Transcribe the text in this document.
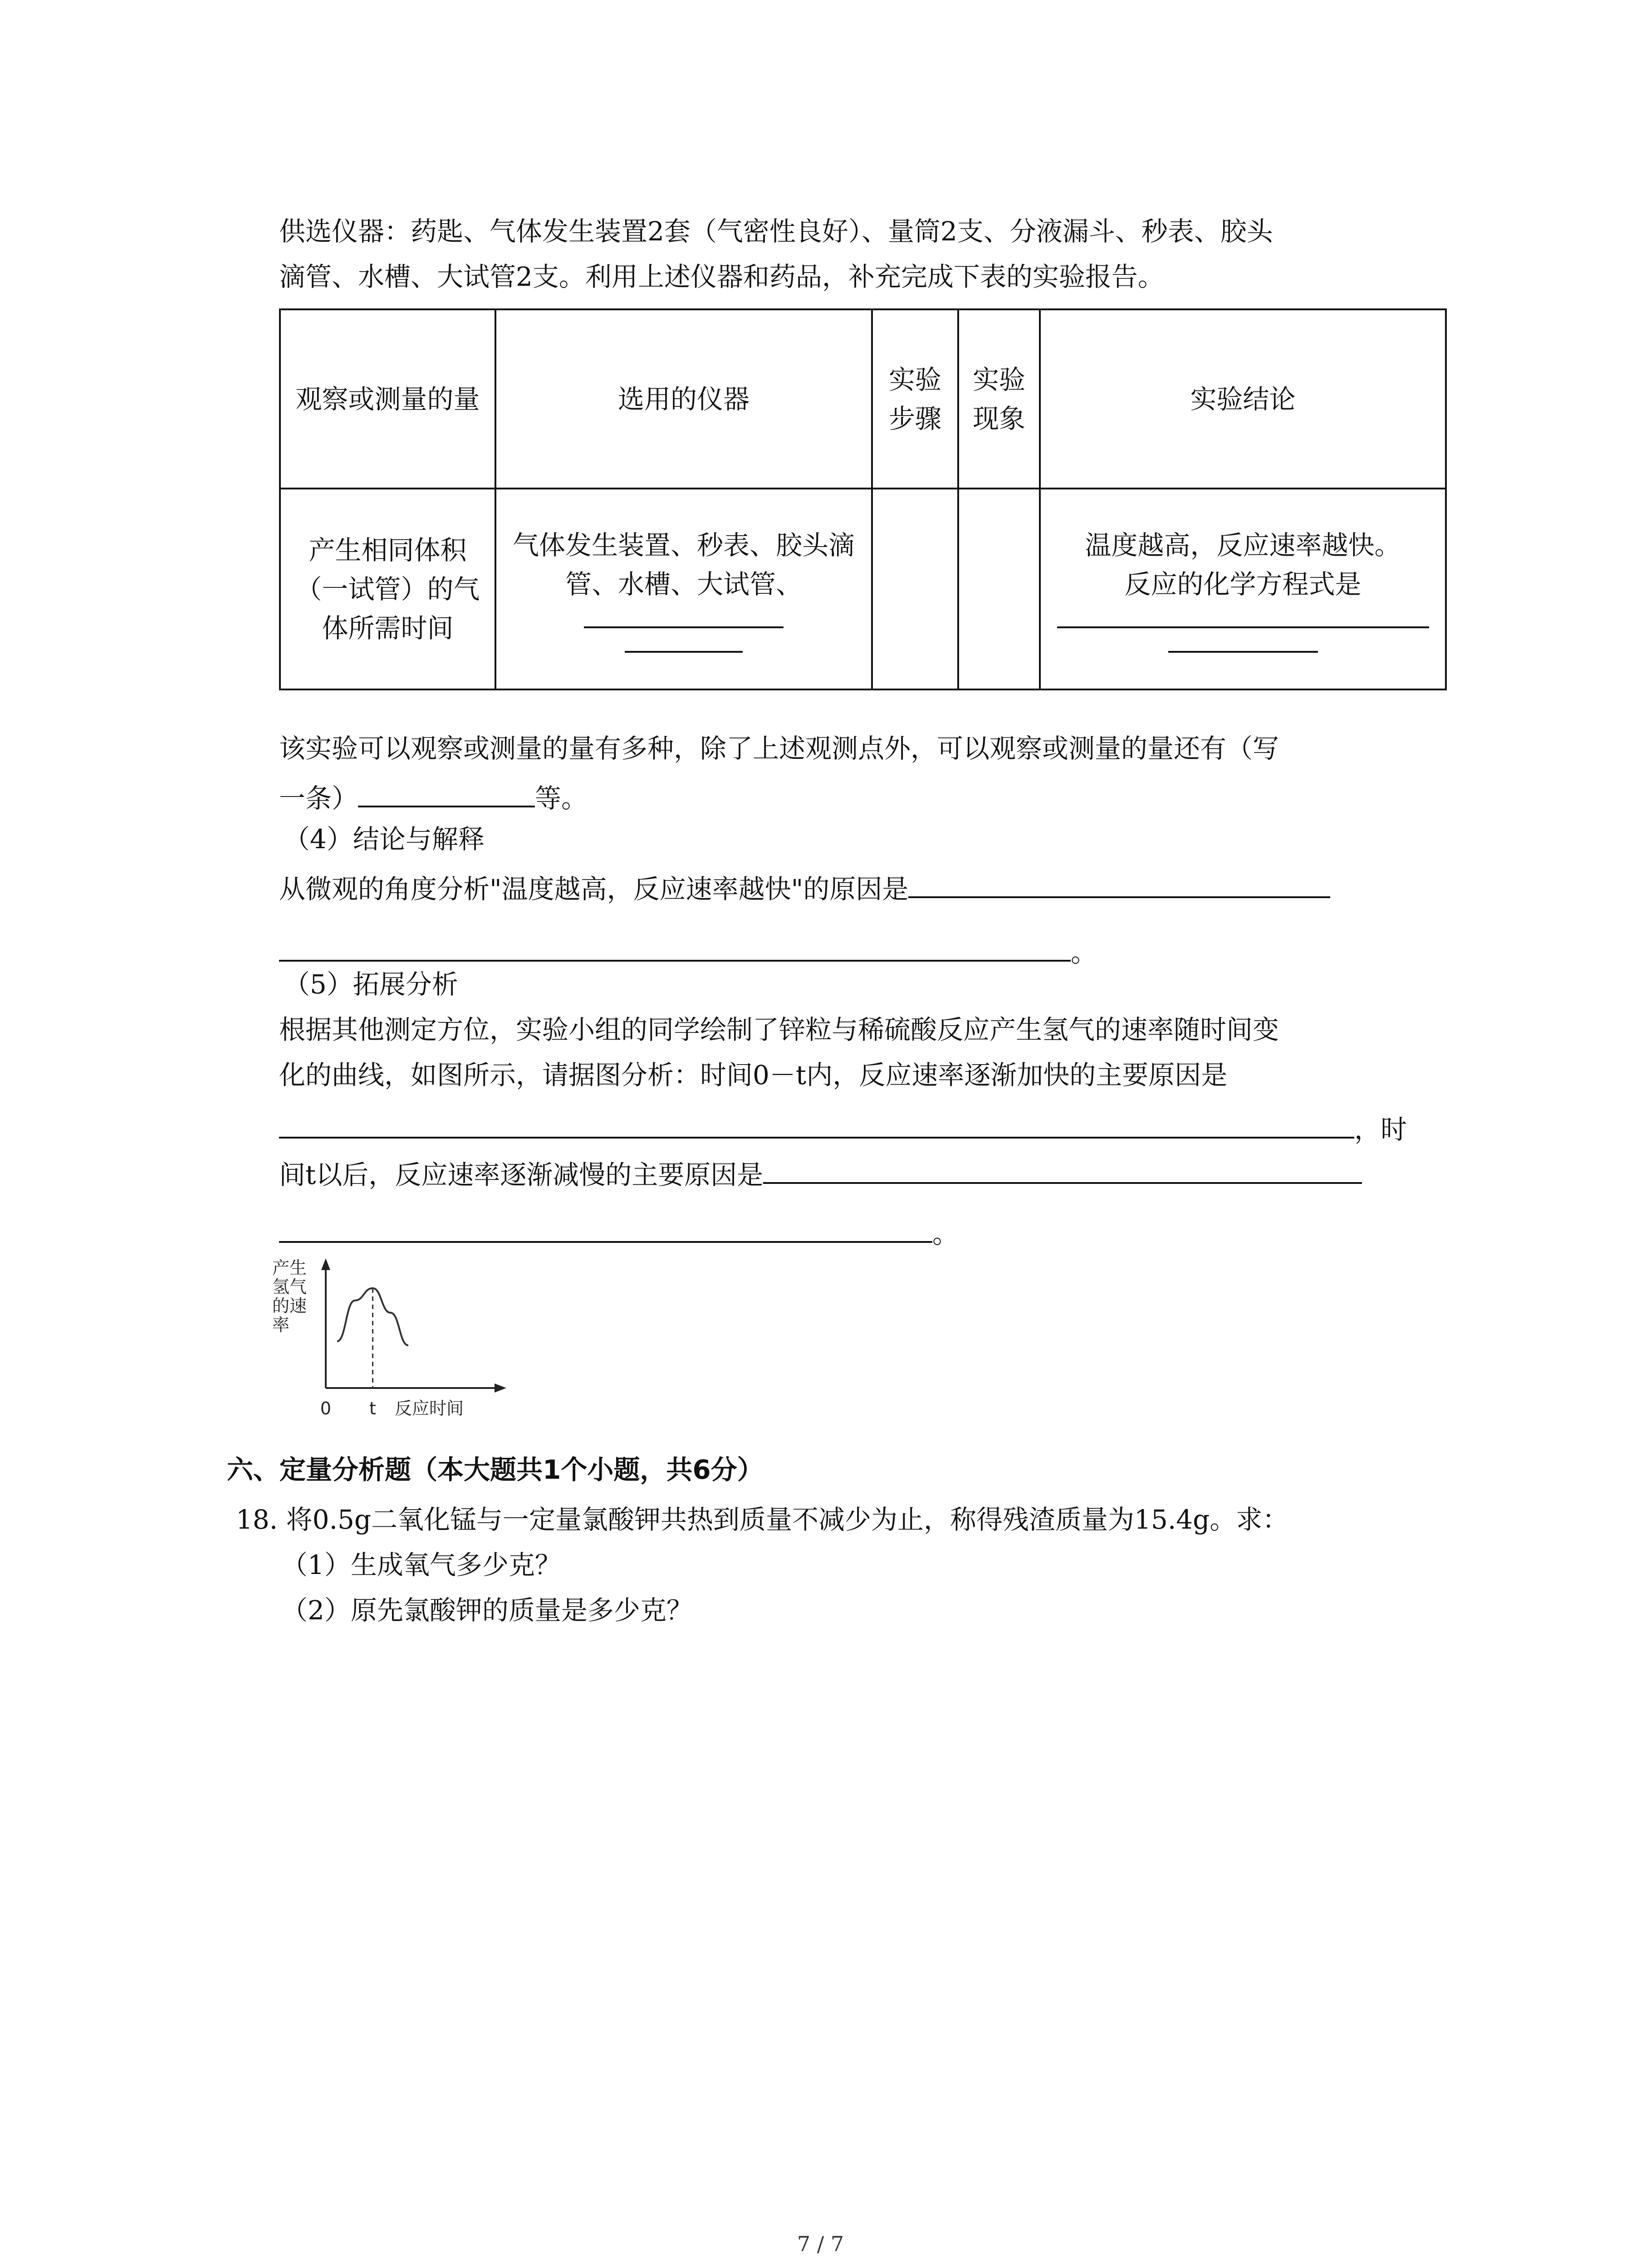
供选仪器：药匙、气体发生装置2套（气密性良好）、量筒2支、分液漏斗、秒表、胶头
滴管、水槽、大试管2支。利用上述仪器和药品，补充完成下表的实验报告。
观察或测量的量	选用的仪器	实验步骤	实验现象	实验结论
产生相同体积（一试管）的气体所需时间	气体发生装置、秒表、胶头滴管、水槽、大试管、			温度越高，反应速率越快。
反应的化学方程式是
该实验可以观察或测量的量有多种，除了上述观测点外，可以观察或测量的量还有（写
一条）	等。
（4）结论与解释
从微观的角度分析"温度越高，反应速率越快"的原因是
。
（5）拓展分析
根据其他测定方位，实验小组的同学绘制了锌粒与稀硫酸反应产生氢气的速率随时间变
化的曲线，如图所示，请据图分析：时间0－t内，反应速率逐渐加快的主要原因是
，时
间t以后，反应速率逐渐减慢的主要原因是
。
产生
氢气
的速
率
0 t 反应时间
六、定量分析题（本大题共1个小题，共6分）
18. 将0.5g二氧化锰与一定量氯酸钾共热到质量不减少为止，称得残渣质量为15.4g。求：
（1）生成氧气多少克？
（2）原先氯酸钾的质量是多少克？
7 / 7
